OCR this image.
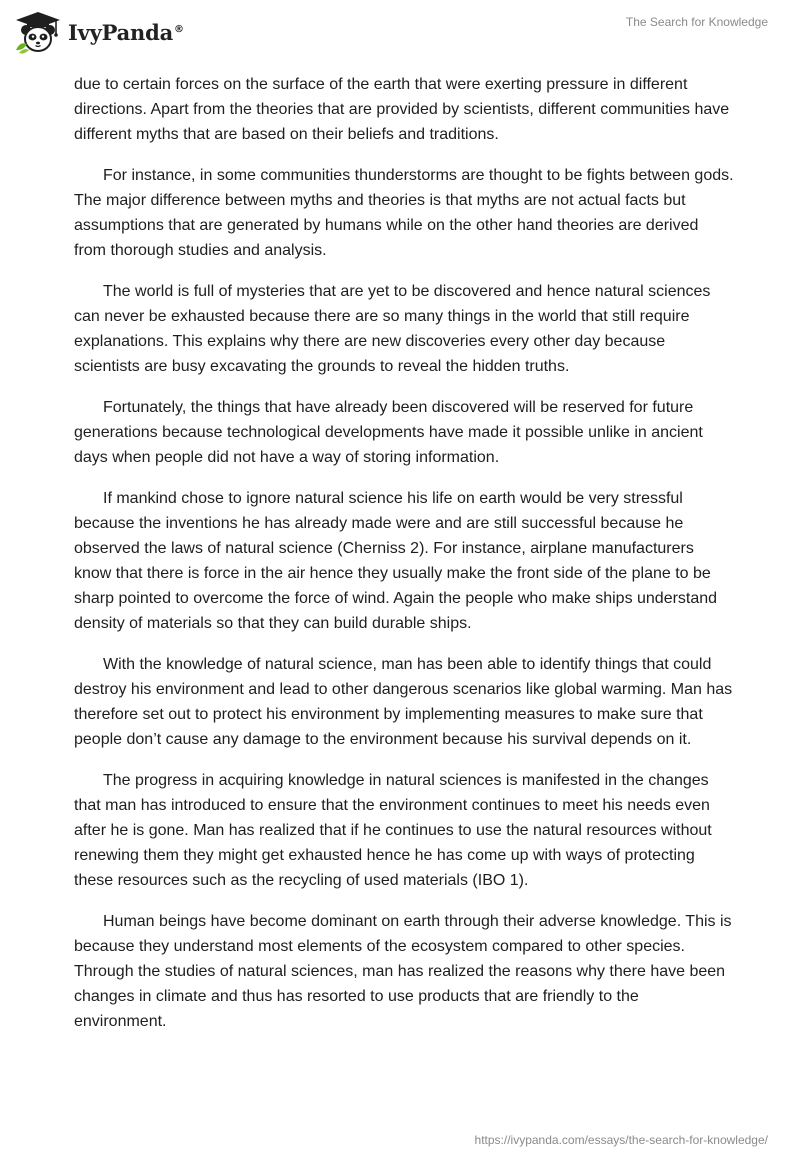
IvyPanda®	The Search for Knowledge

due to certain forces on the surface of the earth that were exerting pressure in different directions. Apart from the theories that are provided by scientists, different communities have different myths that are based on their beliefs and traditions.

For instance, in some communities thunderstorms are thought to be fights between gods. The major difference between myths and theories is that myths are not actual facts but assumptions that are generated by humans while on the other hand theories are derived from thorough studies and analysis.

The world is full of mysteries that are yet to be discovered and hence natural sciences can never be exhausted because there are so many things in the world that still require explanations. This explains why there are new discoveries every other day because scientists are busy excavating the grounds to reveal the hidden truths.

Fortunately, the things that have already been discovered will be reserved for future generations because technological developments have made it possible unlike in ancient days when people did not have a way of storing information.

If mankind chose to ignore natural science his life on earth would be very stressful because the inventions he has already made were and are still successful because he observed the laws of natural science (Cherniss 2). For instance, airplane manufacturers know that there is force in the air hence they usually make the front side of the plane to be sharp pointed to overcome the force of wind. Again the people who make ships understand density of materials so that they can build durable ships.

With the knowledge of natural science, man has been able to identify things that could destroy his environment and lead to other dangerous scenarios like global warming. Man has therefore set out to protect his environment by implementing measures to make sure that people don’t cause any damage to the environment because his survival depends on it.

The progress in acquiring knowledge in natural sciences is manifested in the changes that man has introduced to ensure that the environment continues to meet his needs even after he is gone. Man has realized that if he continues to use the natural resources without renewing them they might get exhausted hence he has come up with ways of protecting these resources such as the recycling of used materials (IBO 1).

Human beings have become dominant on earth through their adverse knowledge. This is because they understand most elements of the ecosystem compared to other species. Through the studies of natural sciences, man has realized the reasons why there have been changes in climate and thus has resorted to use products that are friendly to the environment.

https://ivypanda.com/essays/the-search-for-knowledge/
